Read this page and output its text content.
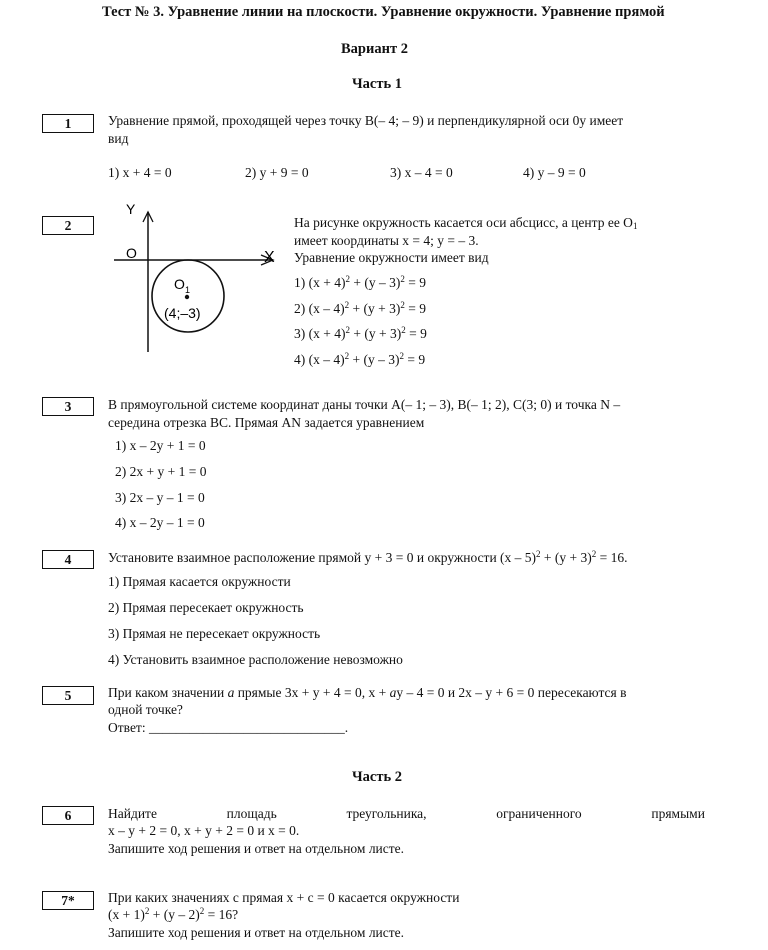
Тест № 3. Уравнение линии на плоскости. Уравнение окружности. Уравнение прямой
Вариант 2
Часть 1
1	Уравнение прямой, проходящей через точку B(– 4; – 9) и перпендикулярной оси 0y имеет
вид
1) x + 4 = 0	2) y + 9 = 0	3) x – 4 = 0	4) y – 9 = 0
2
Y
X
O
O 1
(4;–3)
На рисунке окружность касается оси абсцисс, а центр ее $O_1$
имеет координаты x = 4; y = – 3.
Уравнение окружности имеет вид
1) $(x + 4)^2 + (y - 3)^2 = 9$
2) $(x - 4)^2 + (y + 3)^2 = 9$
3) $(x + 4)^2 + (y + 3)^2 = 9$
4) (x – 4)$^2$ + (y – 3)$^2$ = 9
3	В прямоугольной системе координат даны точки A(– 1; – 3), B(– 1; 2), C(3; 0) и точка N –
середина отрезка BC. Прямая AN задается уравнением
1) x – 2y + 1 = 0
2) 2x + y + 1 = 0
3) 2x – y – 1 = 0
4) x – 2y – 1 = 0
4	Установите взаимное расположение прямой y + 3 = 0 и окружности $(x - 5)^2 + (y + 3)^2 = 16$.
1) Прямая касается окружности
2) Прямая пересекает окружность
3) Прямая не пересекает окружность
4) Установить взаимное расположение невозможно
5	При каком значении a прямые 3x + y + 4 = 0, x + ay – 4 = 0 и 2x – y + 6 = 0 пересекаются в
одной точке?
Ответ: _____________________________.
Часть 2
6	Найдите	площадь	треугольника,	ограниченного	прямыми
x – y + 2 = 0, x + y + 2 = 0 и x = 0.
Запишите ход решения и ответ на отдельном листе.
7*	При каких значениях c прямая x + c = 0 касается окружности
$(x + 1)^2 + (y - 2)^2 = 16$?
Запишите ход решения и ответ на отдельном листе.
